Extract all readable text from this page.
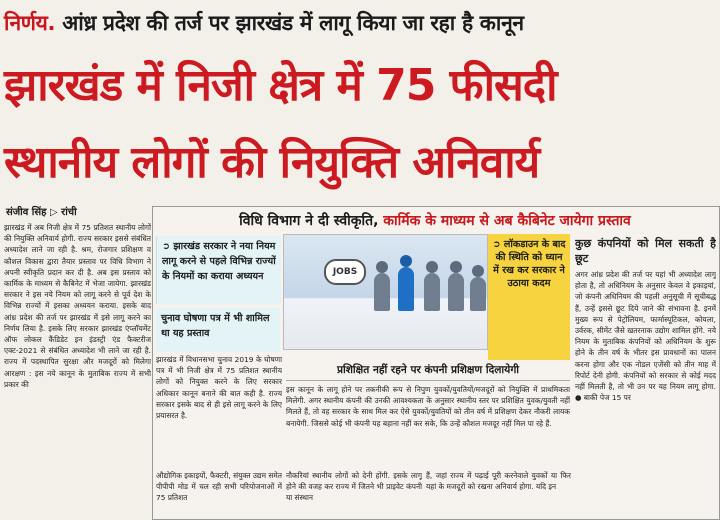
निर्णय. आंध्र प्रदेश की तर्ज पर झारखंड में लागू किया जा रहा है कानून
झारखंड में निजी क्षेत्र में 75 फीसदी
स्थानीय लोगों की नियुक्ति अनिवार्य
संजीव सिंह ▷ रांची

झारखंड में अब निजी क्षेत्र में 75 प्रतिशत स्थानीय लोगों की नियुक्ति अनिवार्य होगी. राज्य सरकार इससे संबंधित अध्यादेश लाने जा रही है. श्रम, रोजगार प्रशिक्षण व कौशल विकास द्वारा तैयार प्रस्ताव पर विधि विभाग ने अपनी स्वीकृति प्रदान कर दी है. अब इस प्रस्ताव को कार्मिक के माध्यम से कैबिनेट में भेजा जायेगा. झारखंड सरकार ने इस नये नियम को लागू करने से पूर्व देश के विभिन्न राज्यों में इसका अध्ययन कराया. इसके बाद आंध्र प्रदेश की तर्ज पर झारखंड में इसे लागू करने का निर्णय लिया है. इसके लिए सरकार झारखंड एंप्लॉयमेंट ऑफ लोकल कैंडिडेट इन इंडस्ट्री एंड फैक्टरीज एक्ट-2021 से संबंधित अध्यादेश भी लाने जा रही है. राज्य में पदस्थापित सुरक्षा और मजदूरों को मिलेगा आरक्षण : इस नये कानून के मुताबिक राज्य में सभी प्रकार की

विधि विभाग ने दी स्वीकृति, कार्मिक के माध्यम से अब कैबिनेट जायेगा प्रस्ताव
➲ झारखंड सरकार ने नया नियम लागू करने से पहले विभिन्न राज्यों के नियमों का कराया अध्ययन
चुनाव घोषणा पत्र में भी शामिल था यह प्रस्ताव
JOBS
➲ लॉकडाउन के बाद की स्थिति को ध्यान में रख कर सरकार ने उठाया कदम
कुछ कंपनियों को मिल सकती है छूट

अगर आंध्र प्रदेश की तर्ज पर यहां भी अध्यादेश लागू होता है, तो अधिनियम के अनुसार केवल वे इकाइयां, जो कंपनी अधिनियम की पहली अनुसूची में सूचीबद्ध हैं, उन्हें इससे छूट दिये जाने की संभावना है. इनमें मुख्य रूप से पेट्रोलियम, फार्मास्यूटिकल, कोयला, उर्वरक, सीमेंट जैसे खतरनाक उद्योग शामिल होंगे. नये नियम के मुताबिक कंपनियों को अधिनियम के शुरू होने के तीन वर्ष के भीतर इस प्रावधानों का पालन करना होगा और एक नोडल एजेंसी को तीन माह में रिपोर्ट देनी होगी. कंपनियों को सरकार से कोई मदद नहीं मिलती है, तो भी उन पर यह नियम लागू होगा. ● बाकी पेज 15 पर

झारखंड में विधानसभा चुनाव 2019 के घोषणा पत्र में भी निजी क्षेत्र में 75 प्रतिशत स्थानीय लोगों को नियुक्त करने के लिए सरकार अधिकार कानून बनाने की बात कही है. राज्य सरकार इसके बाद से ही इसे लागू करने के लिए प्रयासरत है.

प्रशिक्षित नहीं रहने पर कंपनी प्रशिक्षण दिलायेगी

इस कानून के लागू होने पर तकनीकी रूप से निपुण युवकों/युवतियों/मजदूरों को नियुक्ति में प्राथमिकता मिलेगी. अगर स्थानीय कंपनी की उनकी आवश्यकता के अनुसार स्थानीय स्तर पर प्रशिक्षित युवक/युवती नहीं मिलते हैं, तो वह सरकार के साथ मिल कर ऐसे युवकों/युवतियों को तीन वर्ष में प्रशिक्षण देकर नौकरी लायक बनायेगी. जिससे कोई भी कंपनी यह बहाना नहीं कर सके, कि उन्हें कौशल मजदूर नहीं मिल पा रहे हैं.

औद्योगिक इकाइयों, फैक्टरी, संयुक्त उद्यम समेत पीपीपी मोड में चल रही सभी परियोजनाओं में 75 प्रतिशत

नौकरियां स्थानीय लोगों को देनी होंगी. इसके लागू होने की वजह कर राज्य में जितने भी प्राइवेट कंपनी या संस्थान

हैं, जहां राज्य में पढ़ाई पूरी करनेवाले युवकों या फिर यहां के मजदूरों को रखना अनिवार्य होगा. यदि इन
